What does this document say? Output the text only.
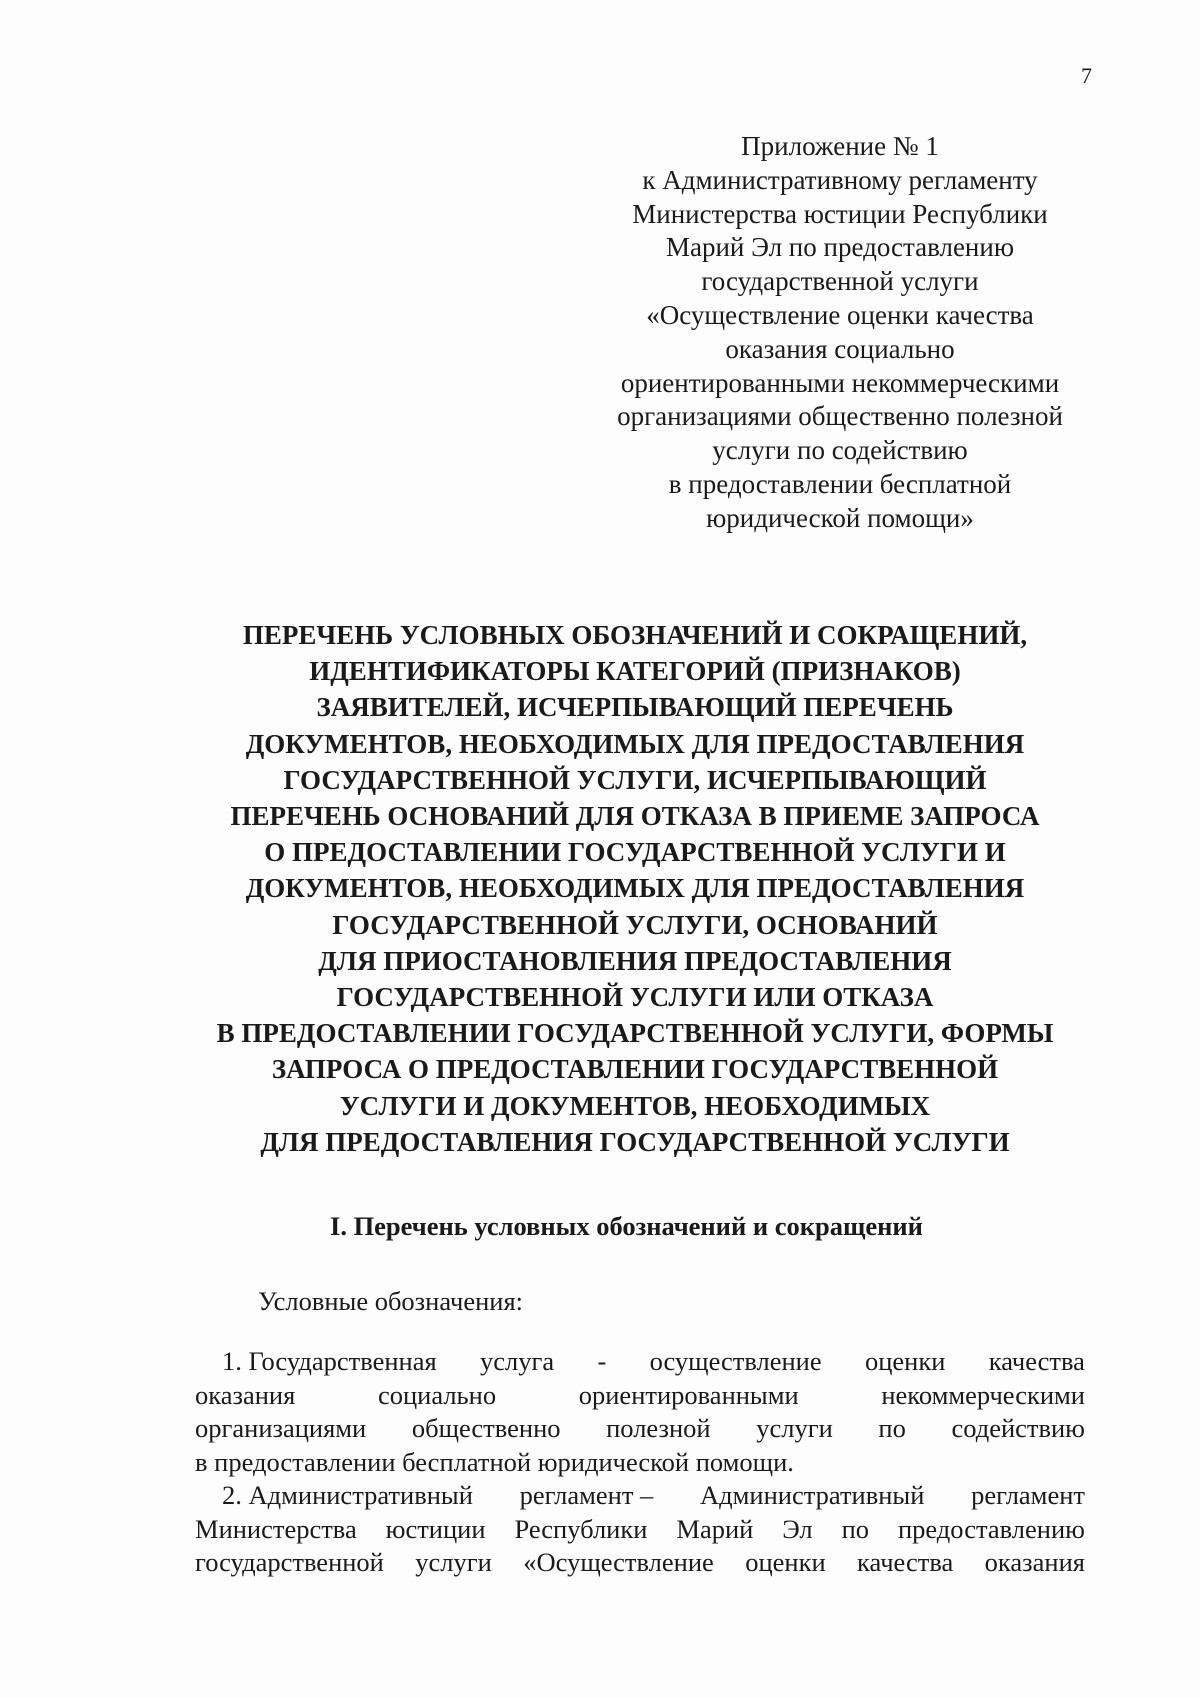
7
Приложение № 1
к Административному регламенту
Министерства юстиции Республики
Марий Эл по предоставлению
государственной услуги
«Осуществление оценки качества
оказания социально
ориентированными некоммерческими
организациями общественно полезной
услуги по содействию
в предоставлении бесплатной
юридической помощи»
ПЕРЕЧЕНЬ УСЛОВНЫХ ОБОЗНАЧЕНИЙ И СОКРАЩЕНИЙ,
ИДЕНТИФИКАТОРЫ КАТЕГОРИЙ (ПРИЗНАКОВ)
ЗАЯВИТЕЛЕЙ, ИСЧЕРПЫВАЮЩИЙ ПЕРЕЧЕНЬ
ДОКУМЕНТОВ, НЕОБХОДИМЫХ ДЛЯ ПРЕДОСТАВЛЕНИЯ
ГОСУДАРСТВЕННОЙ УСЛУГИ, ИСЧЕРПЫВАЮЩИЙ
ПЕРЕЧЕНЬ ОСНОВАНИЙ ДЛЯ ОТКАЗА В ПРИЕМЕ ЗАПРОСА
О ПРЕДОСТАВЛЕНИИ ГОСУДАРСТВЕННОЙ УСЛУГИ И
ДОКУМЕНТОВ, НЕОБХОДИМЫХ ДЛЯ ПРЕДОСТАВЛЕНИЯ
ГОСУДАРСТВЕННОЙ УСЛУГИ, ОСНОВАНИЙ
ДЛЯ ПРИОСТАНОВЛЕНИЯ ПРЕДОСТАВЛЕНИЯ
ГОСУДАРСТВЕННОЙ УСЛУГИ ИЛИ ОТКАЗА
В ПРЕДОСТАВЛЕНИИ ГОСУДАРСТВЕННОЙ УСЛУГИ, ФОРМЫ
ЗАПРОСА О ПРЕДОСТАВЛЕНИИ ГОСУДАРСТВЕННОЙ
УСЛУГИ И ДОКУМЕНТОВ, НЕОБХОДИМЫХ
ДЛЯ ПРЕДОСТАВЛЕНИЯ ГОСУДАРСТВЕННОЙ УСЛУГИ
I. Перечень условных обозначений и сокращений
Условные обозначения:
1. Государственная услуга - осуществление оценки качества
оказания	социально	ориентированными	некоммерческими
организациями общественно полезной услуги по содействию
в предоставлении бесплатной юридической помощи.
2. Административный регламент – Административный регламент
Министерства юстиции Республики Марий Эл по предоставлению
государственной услуги «Осуществление оценки качества оказания
